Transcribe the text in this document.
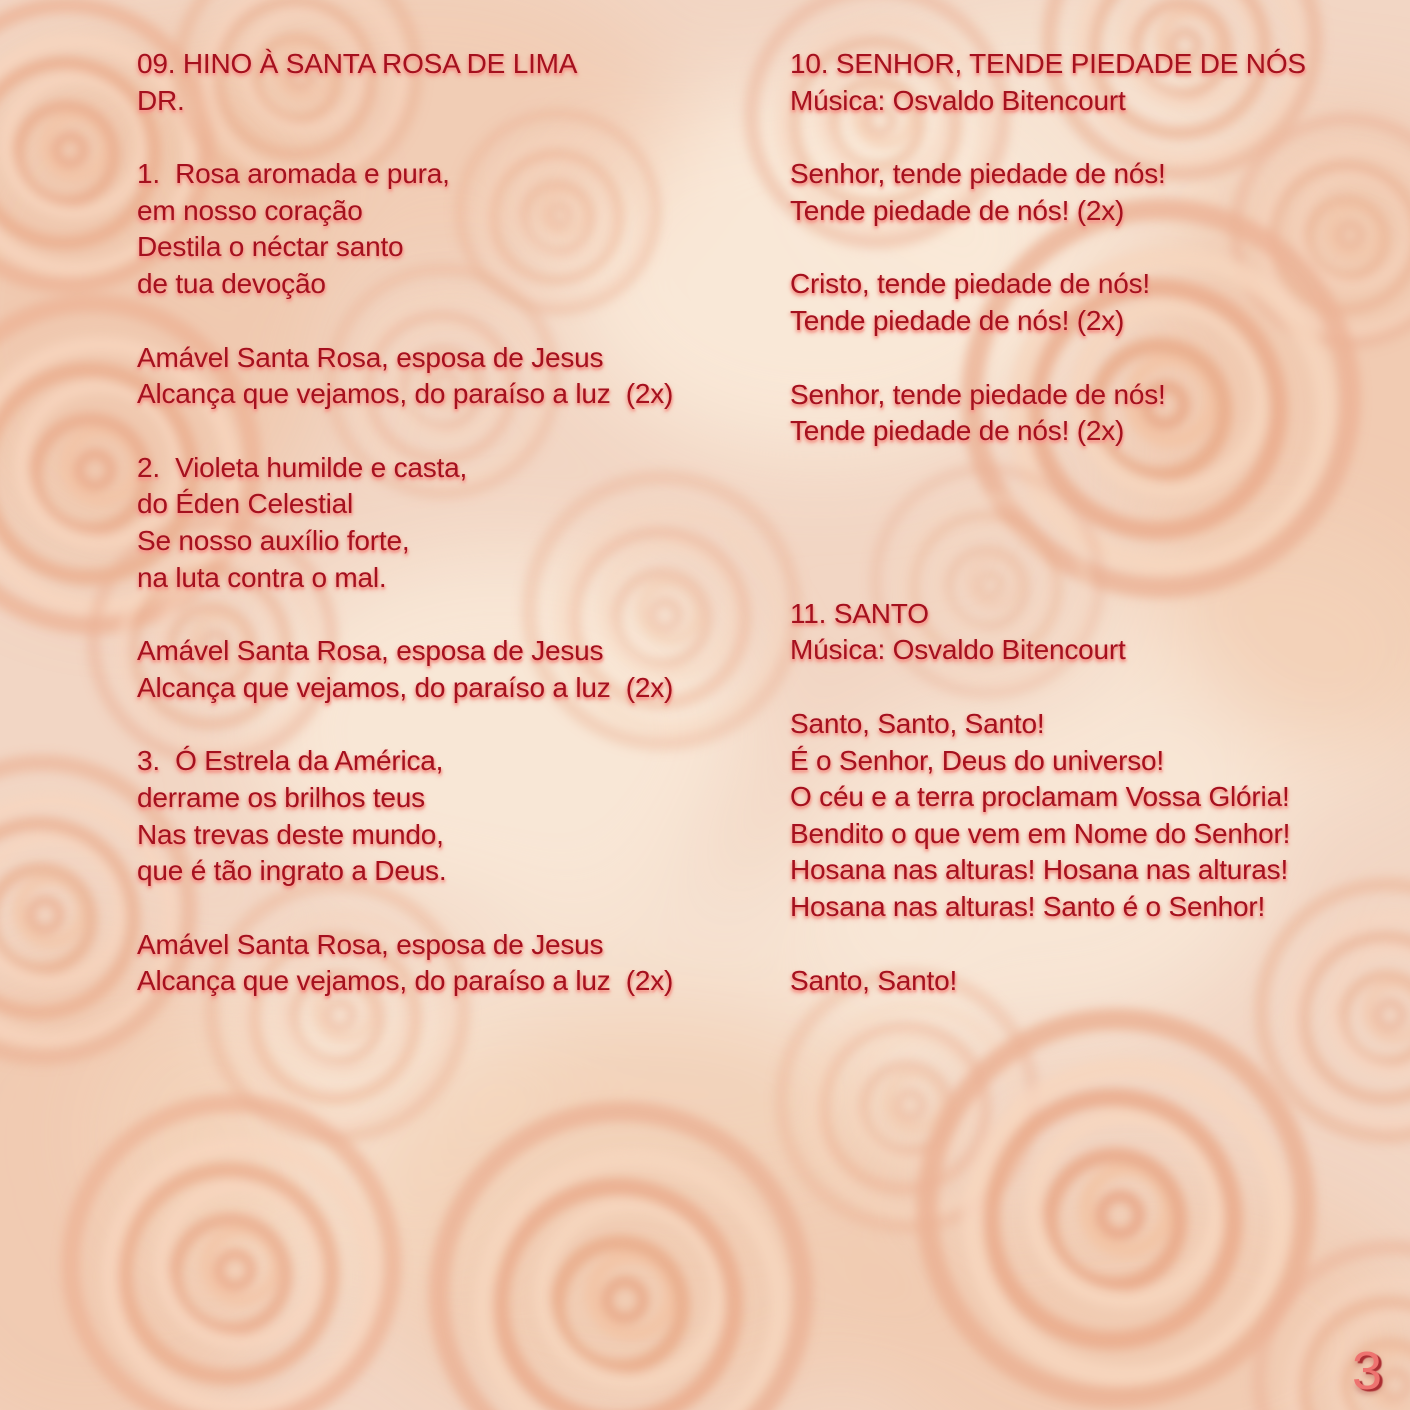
09. HINO À SANTA ROSA DE LIMA
DR.
1.  Rosa aromada e pura,
em nosso coração
Destila o néctar santo
de tua devoção
Amável Santa Rosa, esposa de Jesus
Alcança que vejamos, do paraíso a luz  (2x)
2.  Violeta humilde e casta,
do Éden Celestial
Se nosso auxílio forte,
na luta contra o mal.
Amável Santa Rosa, esposa de Jesus
Alcança que vejamos, do paraíso a luz  (2x)
3.  Ó Estrela da América,
derrame os brilhos teus
Nas trevas deste mundo,
que é tão ingrato a Deus.
Amável Santa Rosa, esposa de Jesus
Alcança que vejamos, do paraíso a luz  (2x)
10. SENHOR, TENDE PIEDADE DE NÓS
Música: Osvaldo Bitencourt
Senhor, tende piedade de nós!
Tende piedade de nós! (2x)
Cristo, tende piedade de nós!
Tende piedade de nós! (2x)
Senhor, tende piedade de nós!
Tende piedade de nós! (2x)
11. SANTO
Música: Osvaldo Bitencourt
Santo, Santo, Santo!
É o Senhor, Deus do universo!
O céu e a terra proclamam Vossa Glória!
Bendito o que vem em Nome do Senhor!
Hosana nas alturas! Hosana nas alturas!
Hosana nas alturas! Santo é o Senhor!
Santo, Santo!
3
